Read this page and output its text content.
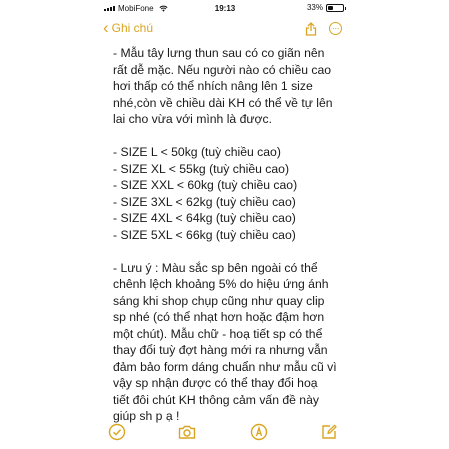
MobiFone	19:13	33%
‹ Ghi chú	···

- Mẫu tây lưng thun sau có co giãn nên

rất dễ mặc. Nếu người nào có chiều cao

hơi thấp có thể nhích nâng lên 1 size

nhé,còn về chiều dài KH có thể về tự lên

lai cho vừa với mình là được.

- SIZE L < 50kg (tuỳ chiều cao)

- SIZE XL < 55kg (tuỳ chiều cao)

- SIZE XXL < 60kg (tuỳ chiều cao)

- SIZE 3XL < 62kg (tuỳ chiều cao)

- SIZE 4XL < 64kg (tuỳ chiều cao)

- SIZE 5XL < 66kg (tuỳ chiều cao)

- Lưu ý : Màu sắc sp bên ngoài có thể

chênh lệch khoảng 5% do hiệu ứng ánh

sáng khi shop chụp cũng như quay clip

sp nhé (có thể nhạt hơn hoặc đậm hơn

một chút). Mẫu chữ - hoạ tiết sp có thể

thay đổi tuỳ đợt hàng mới ra nhưng vẫn

đảm bảo form dáng chuẩn như mẫu cũ vì

vậy sp nhận được có thể thay đổi hoạ

tiết đôi chút KH thông cảm vấn đề này

giúp sh p ạ !
